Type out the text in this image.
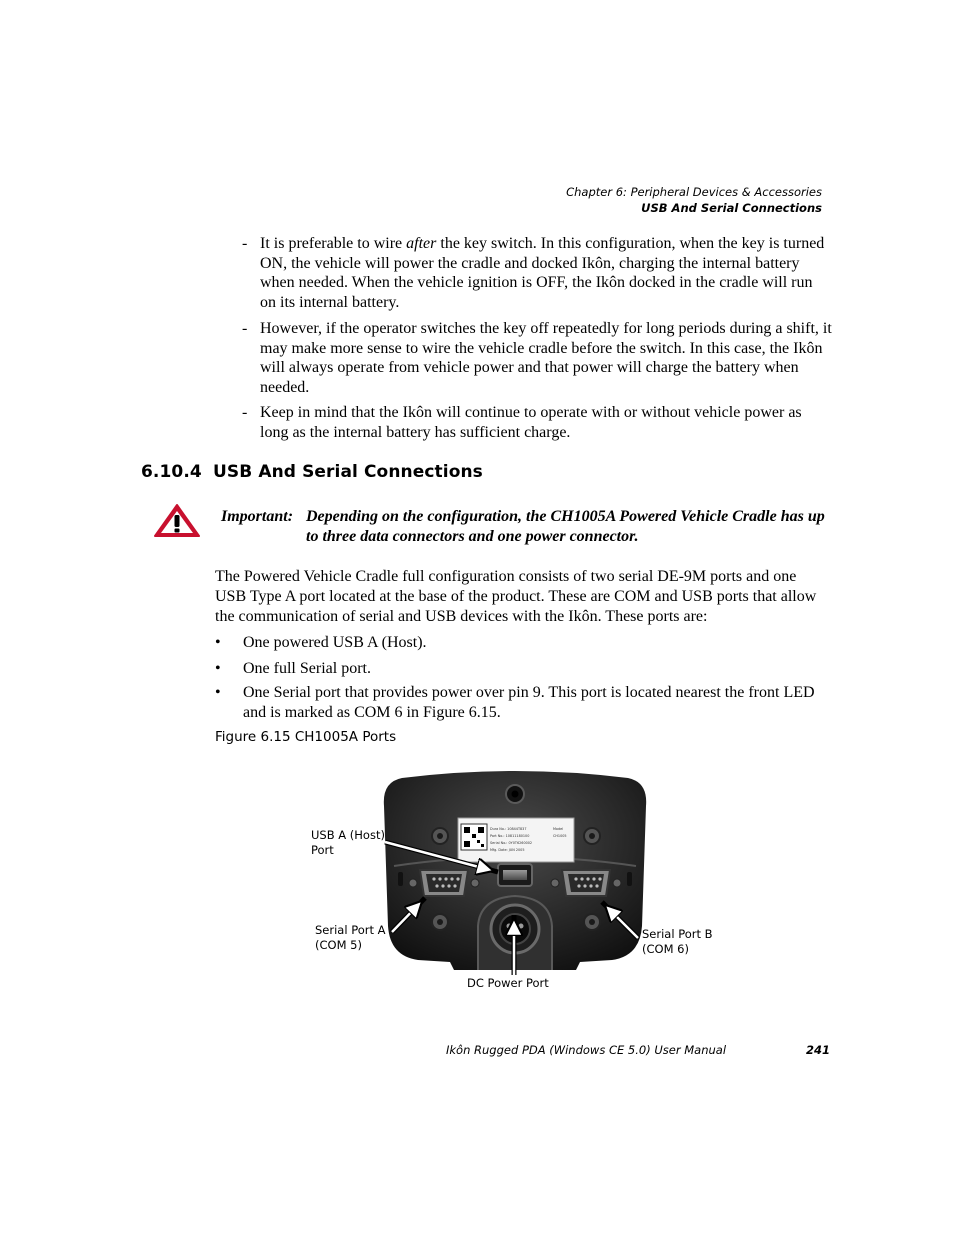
Chapter 6: Peripheral Devices & Accessories
USB And Serial Connections
- It is preferable to wire after the key switch. In this configuration, when the key is turned ON, the vehicle will power the cradle and docked Ikôn, charging the internal battery when needed. When the vehicle ignition is OFF, the Ikôn docked in the cradle will run on its internal battery.
- However, if the operator switches the key off repeatedly for long periods during a shift, it may make more sense to wire the vehicle cradle before the switch. In this case, the Ikôn will always operate from vehicle power and that power will charge the battery when needed.
- Keep in mind that the Ikôn will continue to operate with or without vehicle power as long as the internal battery has sufficient charge.
6.10.4 USB And Serial Connections
Important: Depending on the configuration, the CH1005A Powered Vehicle Cradle has up to three data connectors and one power connector.
The Powered Vehicle Cradle full configuration consists of two serial DE-9M ports and one USB Type A port located at the base of the product. These are COM and USB ports that allow the communication of serial and USB devices with the Ikôn. These ports are:
• One powered USB A (Host).
• One full Serial port.
• One Serial port that provides power over pin 9. This port is located nearest the front LED and is marked as COM 6 in Figure 6.15.
Figure 6.15 CH1005A Ports
Dura No.: 10844T837
Part No.: 10811180100
Serial No.: 0Y0T6260002
Mfg. Date: JUN 2005
Model
CH1005
USB A (Host)
Port
Serial Port A
(COM 5)
Serial Port B
(COM 6)
DC Power Port
Ikôn Rugged PDA (Windows CE 5.0) User Manual	241
